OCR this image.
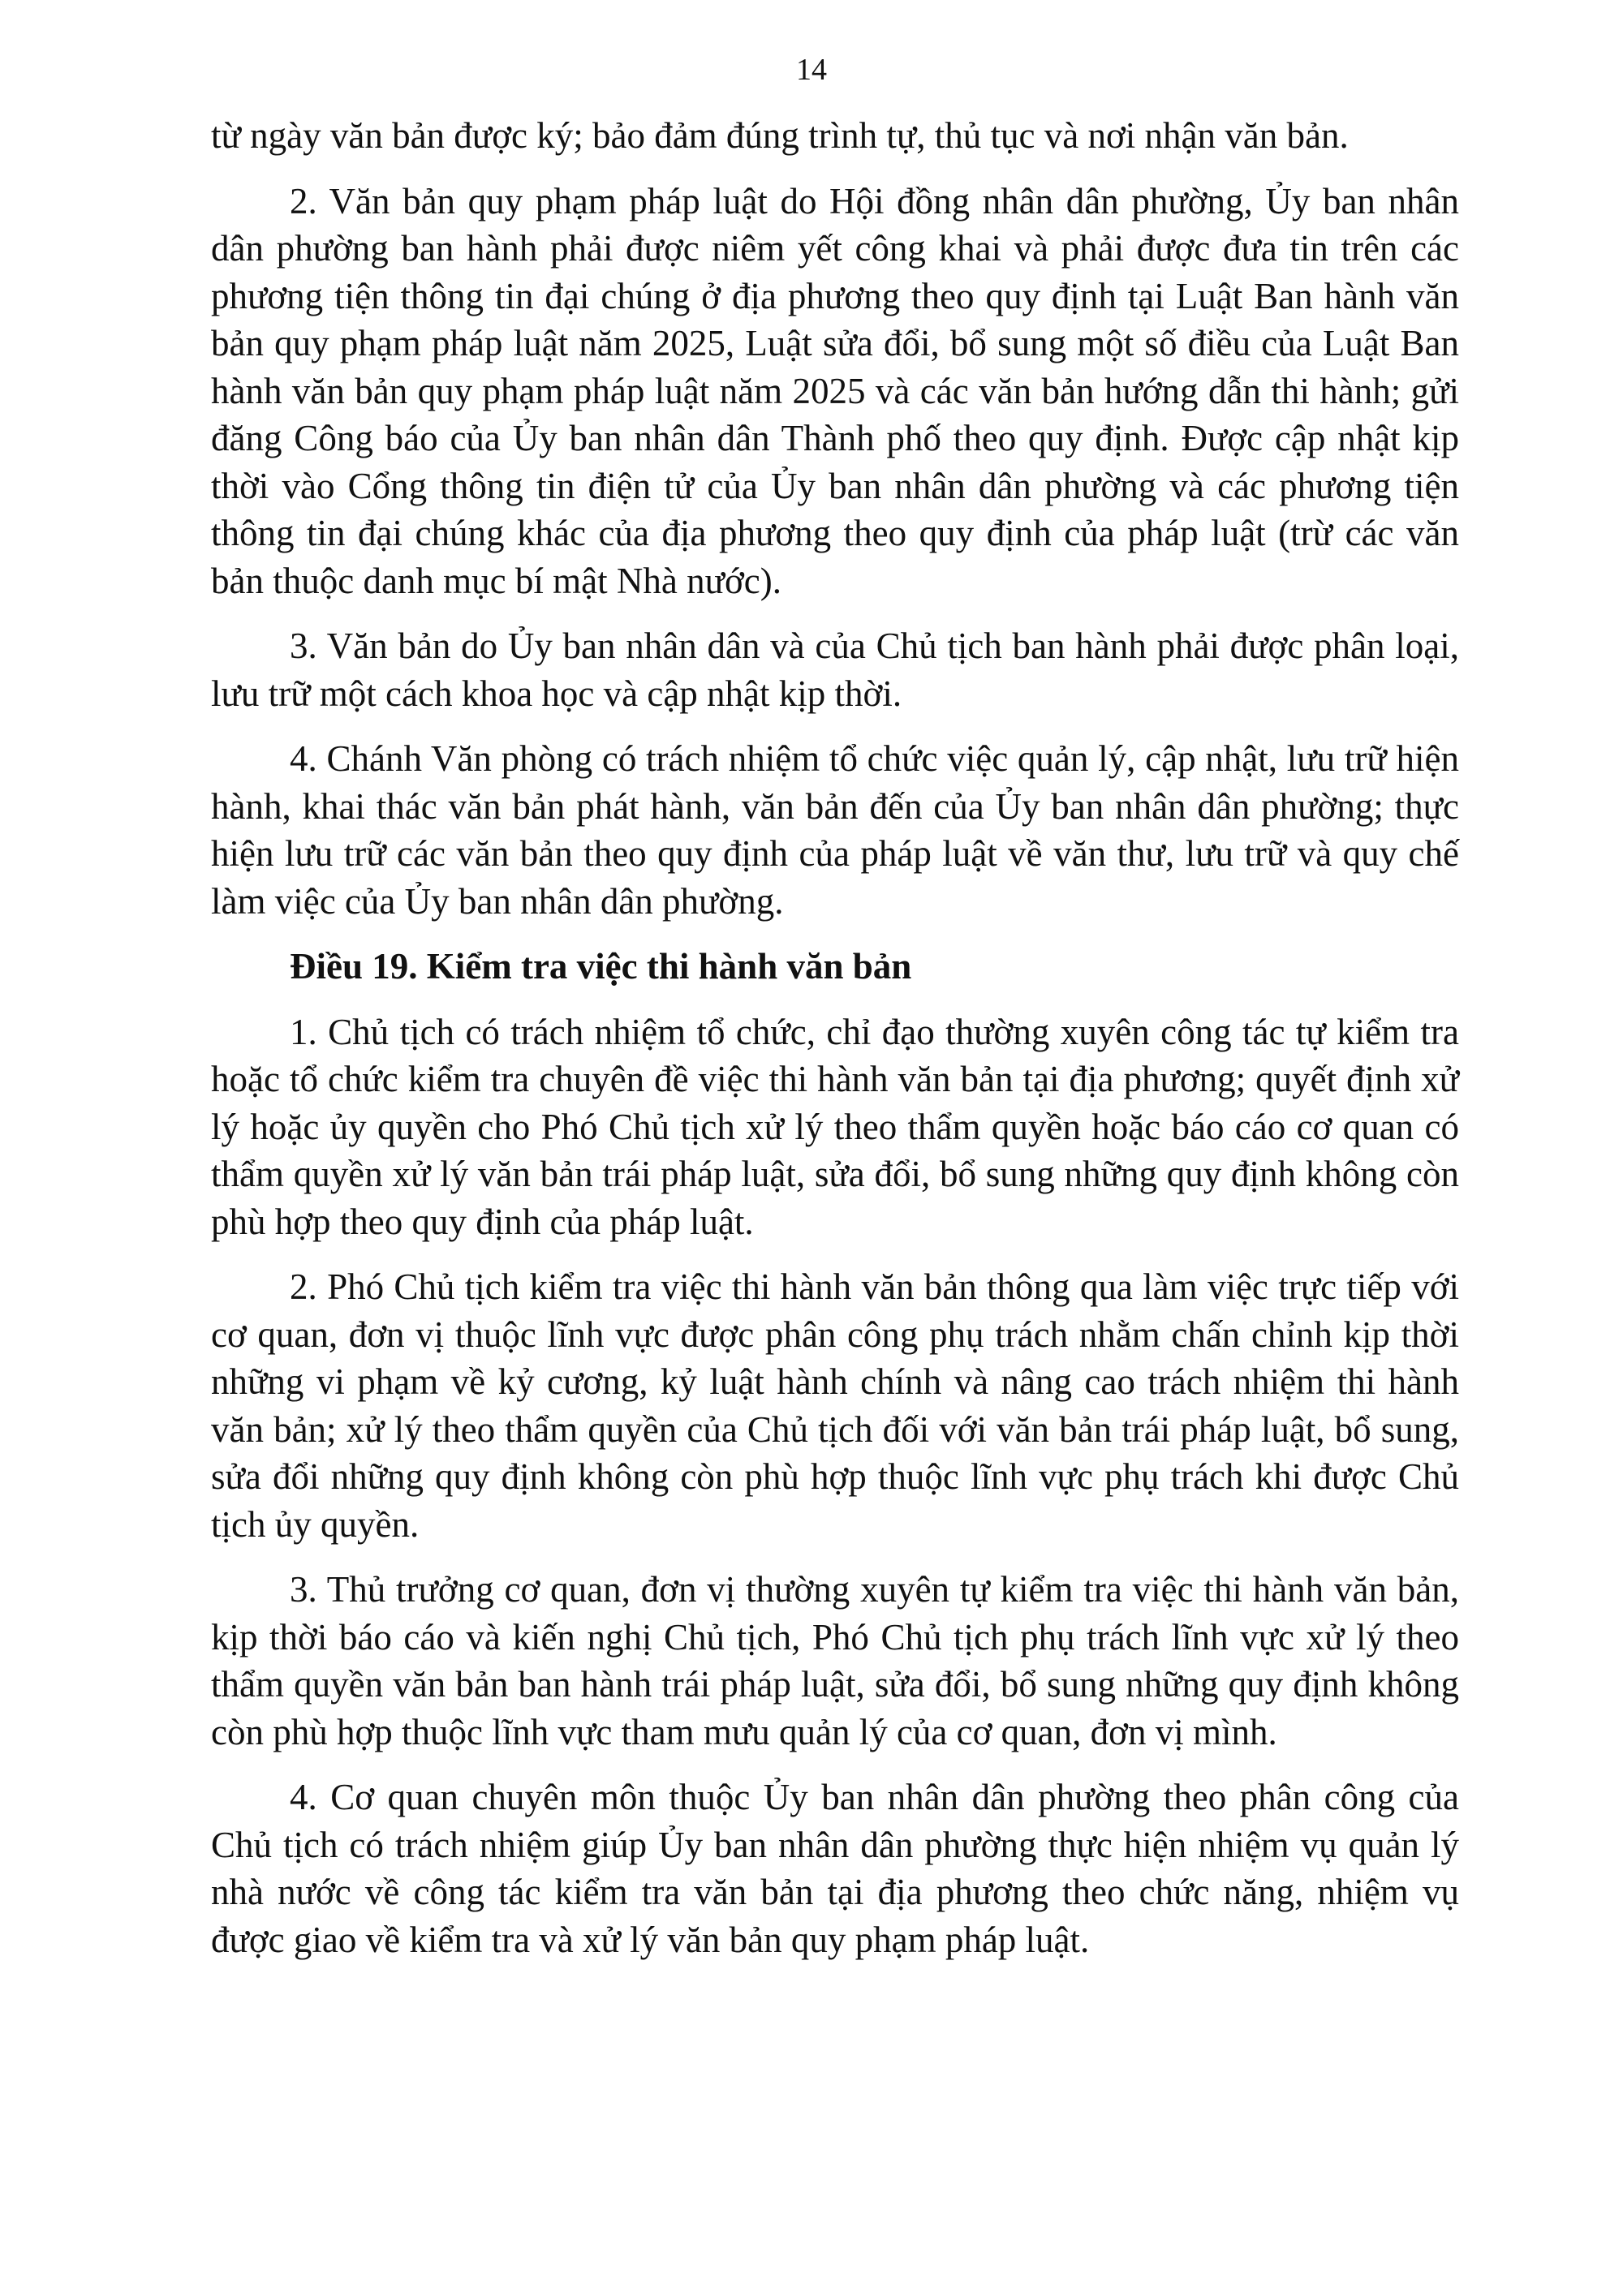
14

từ ngày văn bản được ký; bảo đảm đúng trình tự, thủ tục và nơi nhận văn bản.

2. Văn bản quy phạm pháp luật do Hội đồng nhân dân phường, Ủy ban nhân dân phường ban hành phải được niêm yết công khai và phải được đưa tin trên các phương tiện thông tin đại chúng ở địa phương theo quy định tại Luật Ban hành văn bản quy phạm pháp luật năm 2025, Luật sửa đổi, bổ sung một số điều của Luật Ban hành văn bản quy phạm pháp luật năm 2025 và các văn bản hướng dẫn thi hành; gửi đăng Công báo của Ủy ban nhân dân Thành phố theo quy định. Được cập nhật kịp thời vào Cổng thông tin điện tử của Ủy ban nhân dân phường và các phương tiện thông tin đại chúng khác của địa phương theo quy định của pháp luật (trừ các văn bản thuộc danh mục bí mật Nhà nước).

3. Văn bản do Ủy ban nhân dân và của Chủ tịch ban hành phải được phân loại, lưu trữ một cách khoa học và cập nhật kịp thời.

4. Chánh Văn phòng có trách nhiệm tổ chức việc quản lý, cập nhật, lưu trữ hiện hành, khai thác văn bản phát hành, văn bản đến của Ủy ban nhân dân phường; thực hiện lưu trữ các văn bản theo quy định của pháp luật về văn thư, lưu trữ và quy chế làm việc của Ủy ban nhân dân phường.

Điều 19. Kiểm tra việc thi hành văn bản

1. Chủ tịch có trách nhiệm tổ chức, chỉ đạo thường xuyên công tác tự kiểm tra hoặc tổ chức kiểm tra chuyên đề việc thi hành văn bản tại địa phương; quyết định xử lý hoặc ủy quyền cho Phó Chủ tịch xử lý theo thẩm quyền hoặc báo cáo cơ quan có thẩm quyền xử lý văn bản trái pháp luật, sửa đổi, bổ sung những quy định không còn phù hợp theo quy định của pháp luật.

2. Phó Chủ tịch kiểm tra việc thi hành văn bản thông qua làm việc trực tiếp với cơ quan, đơn vị thuộc lĩnh vực được phân công phụ trách nhằm chấn chỉnh kịp thời những vi phạm về kỷ cương, kỷ luật hành chính và nâng cao trách nhiệm thi hành văn bản; xử lý theo thẩm quyền của Chủ tịch đối với văn bản trái pháp luật, bổ sung, sửa đổi những quy định không còn phù hợp thuộc lĩnh vực phụ trách khi được Chủ tịch ủy quyền.

3. Thủ trưởng cơ quan, đơn vị thường xuyên tự kiểm tra việc thi hành văn bản, kịp thời báo cáo và kiến nghị Chủ tịch, Phó Chủ tịch phụ trách lĩnh vực xử lý theo thẩm quyền văn bản ban hành trái pháp luật, sửa đổi, bổ sung những quy định không còn phù hợp thuộc lĩnh vực tham mưu quản lý của cơ quan, đơn vị mình.

4. Cơ quan chuyên môn thuộc Ủy ban nhân dân phường theo phân công của Chủ tịch có trách nhiệm giúp Ủy ban nhân dân phường thực hiện nhiệm vụ quản lý nhà nước về công tác kiểm tra văn bản tại địa phương theo chức năng, nhiệm vụ được giao về kiểm tra và xử lý văn bản quy phạm pháp luật.
